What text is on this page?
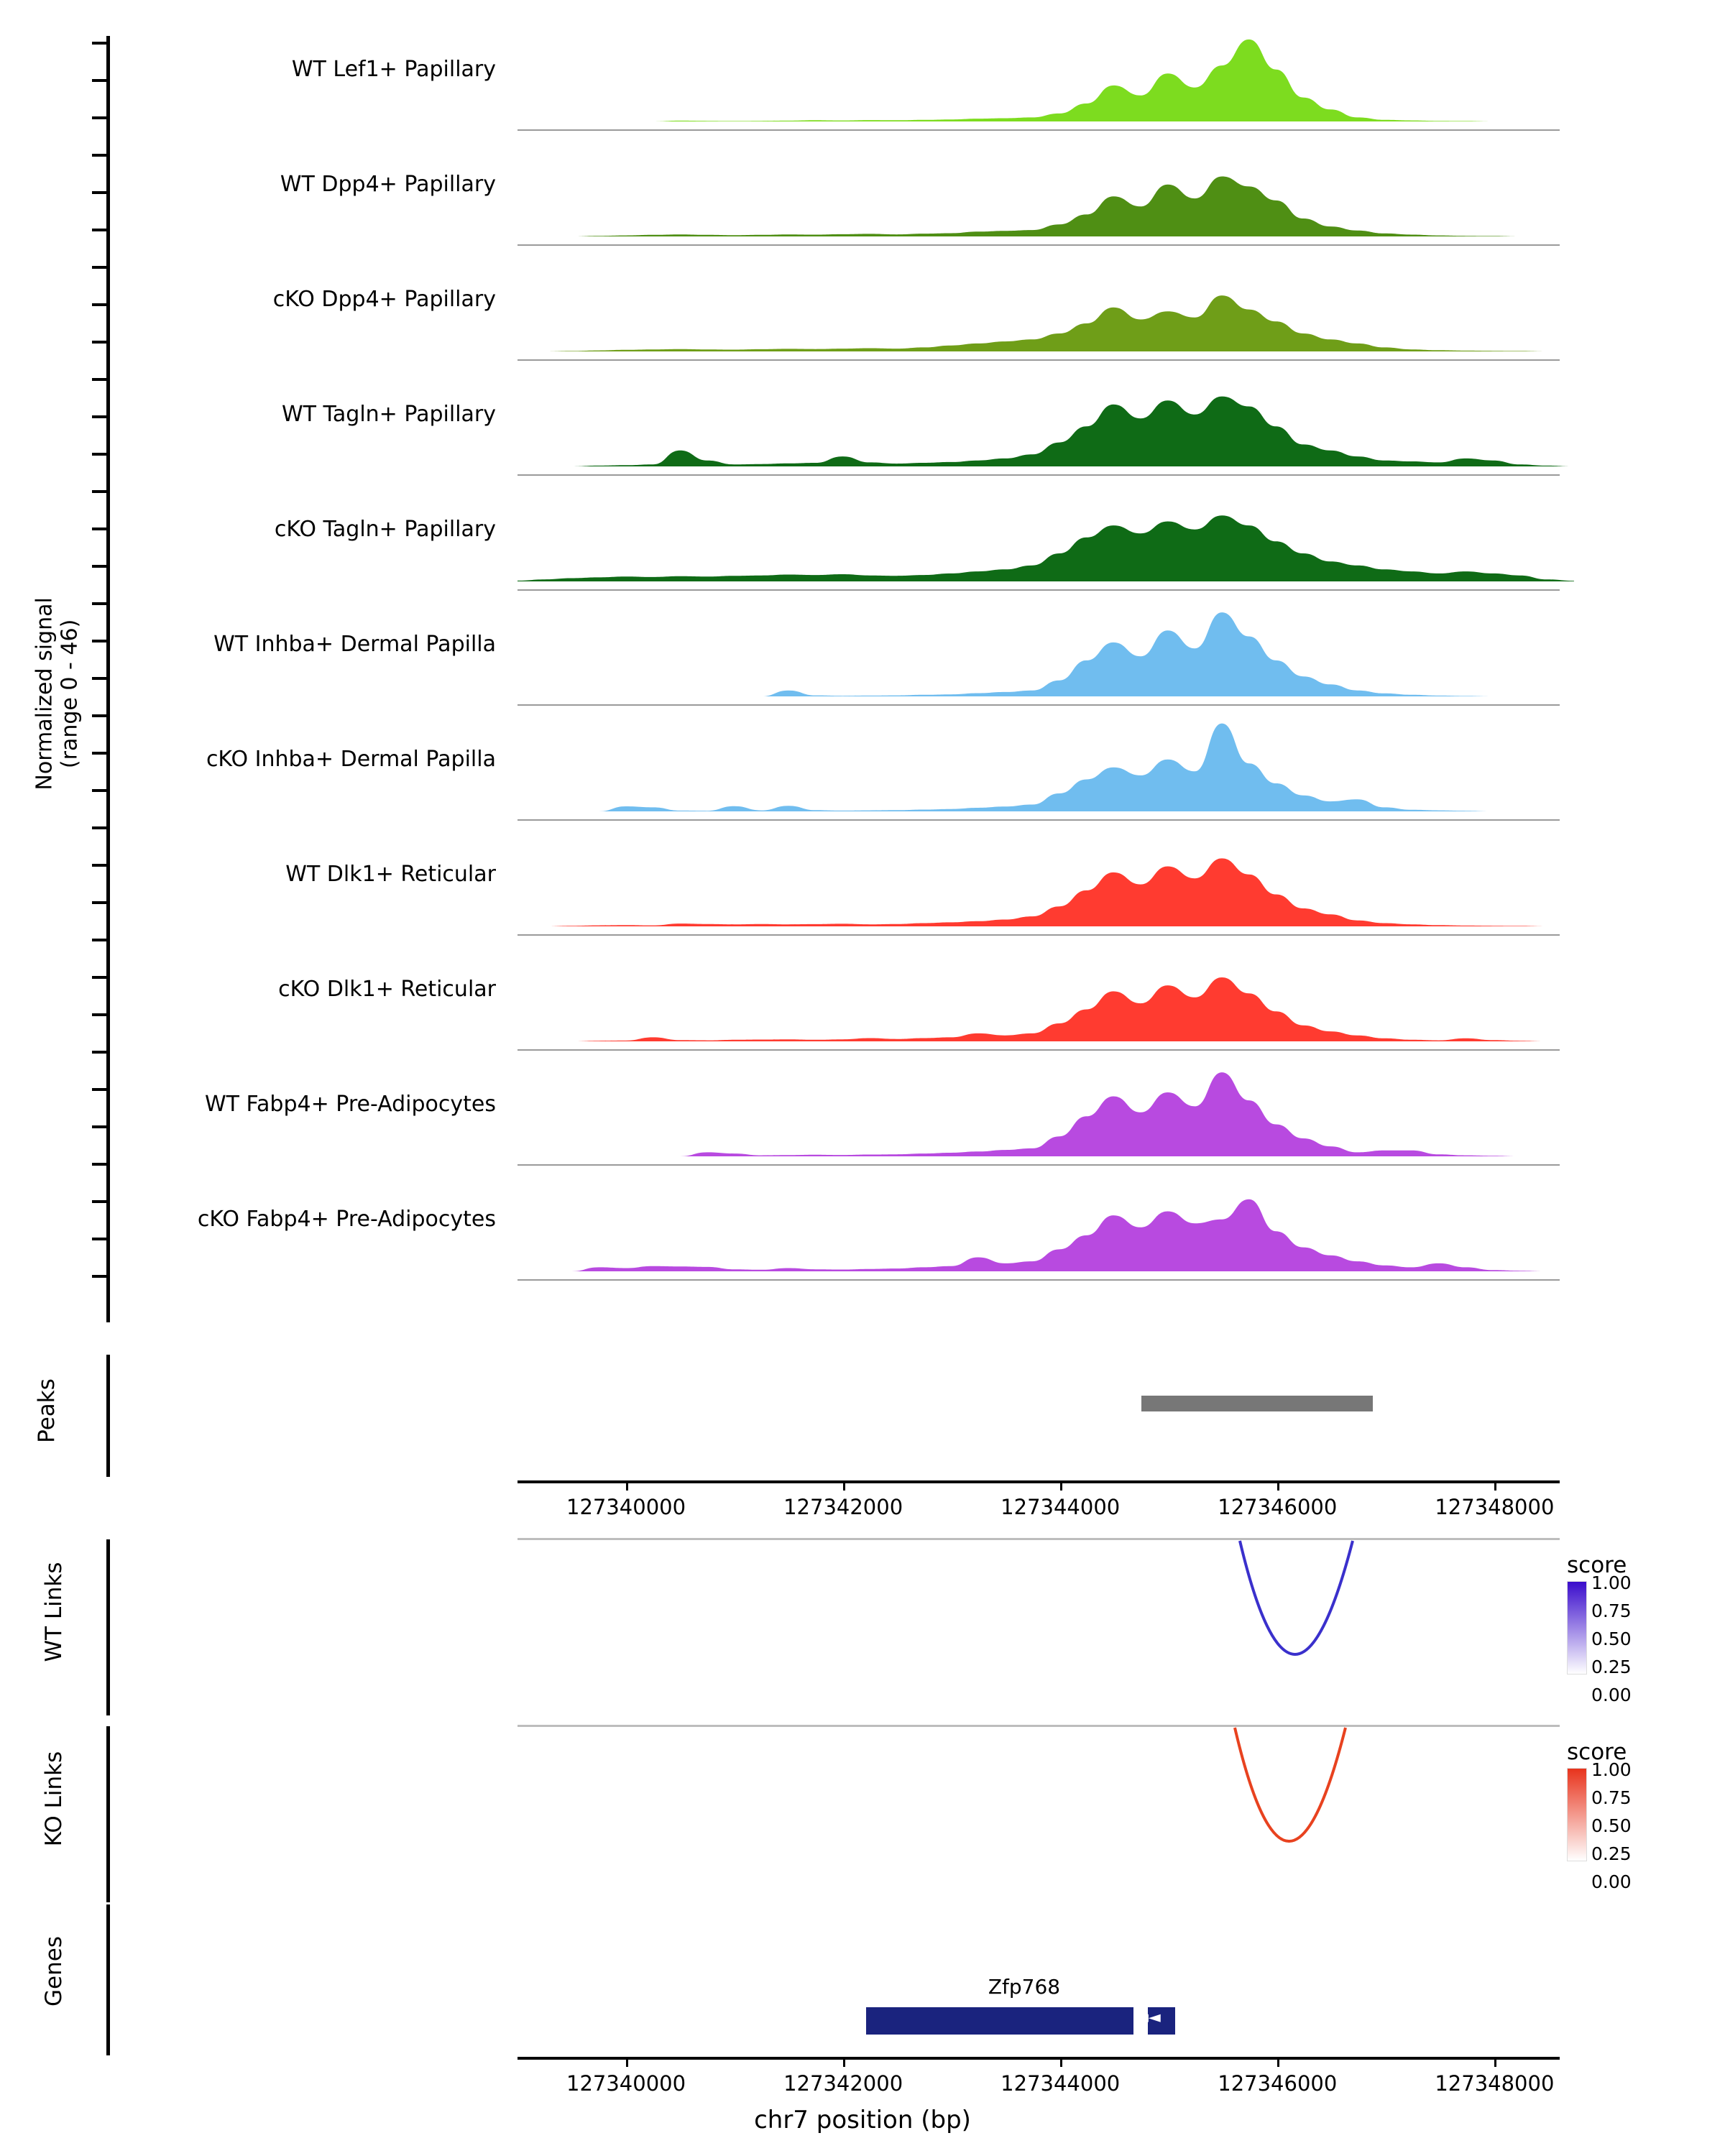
Normalized signal
(range 0 - 46)
WT Lef1+ Papillary
WT Dpp4+ Papillary
cKO Dpp4+ Papillary
WT Tagln+ Papillary
cKO Tagln+ Papillary
WT Inhba+ Dermal Papilla
cKO Inhba+ Dermal Papilla
WT Dlk1+ Reticular
cKO Dlk1+ Reticular
WT Fabp4+ Pre-Adipocytes
cKO Fabp4+ Pre-Adipocytes
Peaks
127340000	127342000	127344000	127346000	127348000
WT Links	score
1.00
0.75
0.50
0.25
0.00
KO Links	score
1.00
0.75
0.50
0.25
0.00
Genes	Zfp768
◄◄
127340000	127342000	127344000	127346000	127348000
chr7 position (bp)
